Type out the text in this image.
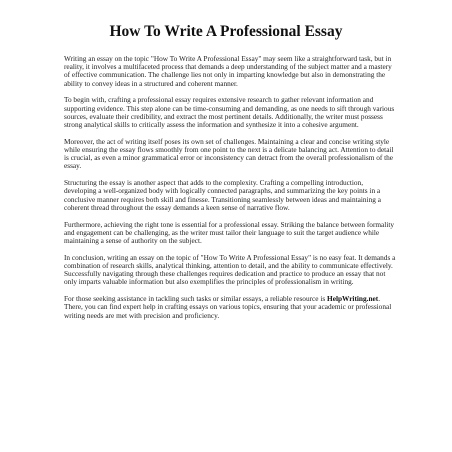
How To Write A Professional Essay

Writing an essay on the topic "How To Write A Professional Essay" may seem like a straightforward task, but in reality, it involves a multifaceted process that demands a deep understanding of the subject matter and a mastery of effective communication. The challenge lies not only in imparting knowledge but also in demonstrating the ability to convey ideas in a structured and coherent manner.

To begin with, crafting a professional essay requires extensive research to gather relevant information and supporting evidence. This step alone can be time-consuming and demanding, as one needs to sift through various sources, evaluate their credibility, and extract the most pertinent details. Additionally, the writer must possess strong analytical skills to critically assess the information and synthesize it into a cohesive argument.

Moreover, the act of writing itself poses its own set of challenges. Maintaining a clear and concise writing style while ensuring the essay flows smoothly from one point to the next is a delicate balancing act. Attention to detail is crucial, as even a minor grammatical error or inconsistency can detract from the overall professionalism of the essay.

Structuring the essay is another aspect that adds to the complexity. Crafting a compelling introduction, developing a well-organized body with logically connected paragraphs, and summarizing the key points in a conclusive manner requires both skill and finesse. Transitioning seamlessly between ideas and maintaining a coherent thread throughout the essay demands a keen sense of narrative flow.

Furthermore, achieving the right tone is essential for a professional essay. Striking the balance between formality and engagement can be challenging, as the writer must tailor their language to suit the target audience while maintaining a sense of authority on the subject.

In conclusion, writing an essay on the topic of "How To Write A Professional Essay" is no easy feat. It demands a combination of research skills, analytical thinking, attention to detail, and the ability to communicate effectively. Successfully navigating through these challenges requires dedication and practice to produce an essay that not only imparts valuable information but also exemplifies the principles of professionalism in writing.

For those seeking assistance in tackling such tasks or similar essays, a reliable resource is HelpWriting.net. There, you can find expert help in crafting essays on various topics, ensuring that your academic or professional writing needs are met with precision and proficiency.
